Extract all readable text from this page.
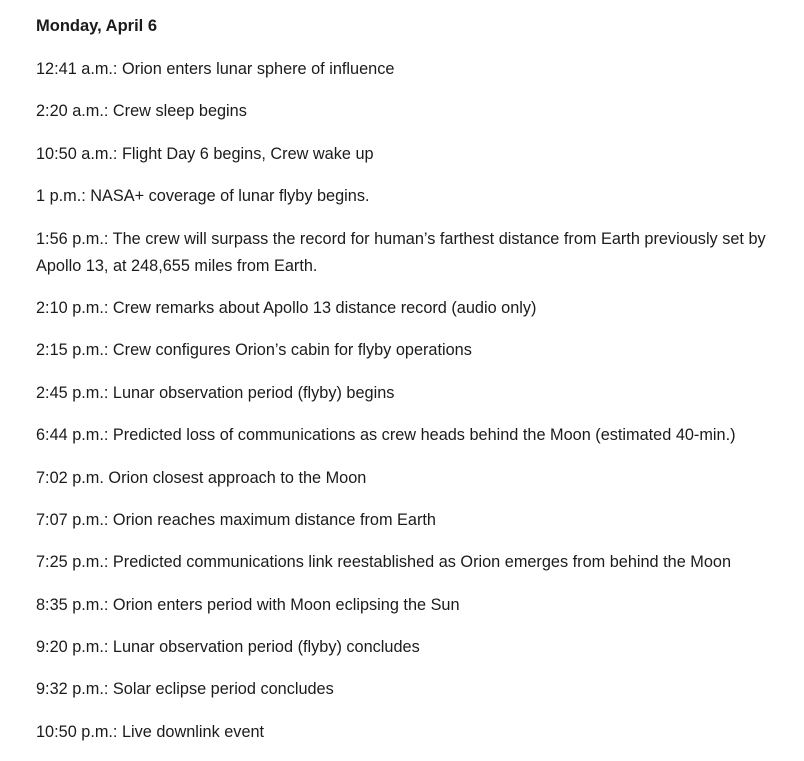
Monday, April 6

12:41 a.m.: Orion enters lunar sphere of influence

2:20 a.m.: Crew sleep begins

10:50 a.m.: Flight Day 6 begins, Crew wake up

1 p.m.: NASA+ coverage of lunar flyby begins.

1:56 p.m.: The crew will surpass the record for human’s farthest distance from Earth previously set by Apollo 13, at 248,655 miles from Earth.

2:10 p.m.: Crew remarks about Apollo 13 distance record (audio only)

2:15 p.m.: Crew configures Orion’s cabin for flyby operations

2:45 p.m.: Lunar observation period (flyby) begins

6:44 p.m.: Predicted loss of communications as crew heads behind the Moon (estimated 40-min.)

7:02 p.m. Orion closest approach to the Moon

7:07 p.m.: Orion reaches maximum distance from Earth

7:25 p.m.: Predicted communications link reestablished as Orion emerges from behind the Moon

8:35 p.m.: Orion enters period with Moon eclipsing the Sun

9:20 p.m.: Lunar observation period (flyby) concludes

9:32 p.m.: Solar eclipse period concludes

10:50 p.m.: Live downlink event
